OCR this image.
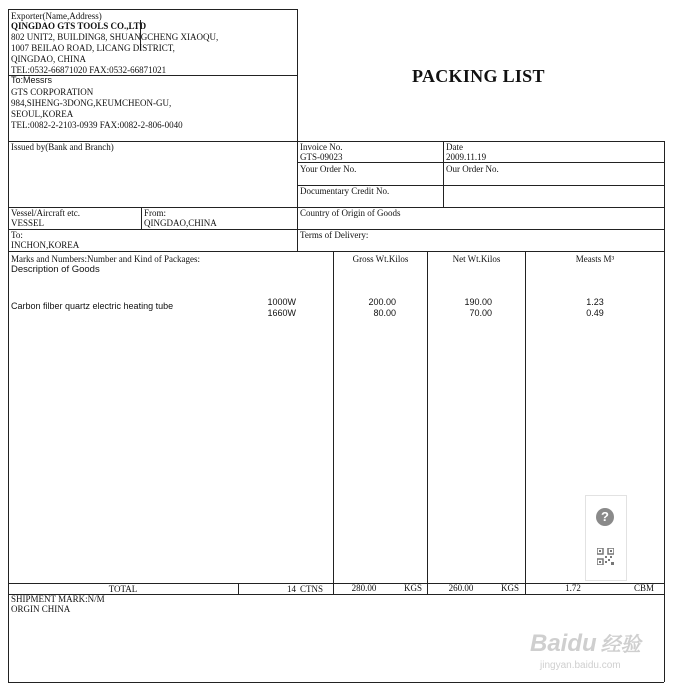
PACKING LIST
Exporter(Name,Address)
QINGDAO GTS TOOLS CO.,LTD
802 UNIT2, BUILDING8, SHUANGCHENG XIAOQU,
1007 BEILAO ROAD, LICANG DISTRICT,
QINGDAO, CHINA
TEL:0532-66871020 FAX:0532-66871021
To:Messrs
GTS CORPORATION
984,SIHENG-3DONG,KEUMCHEON-GU,
SEOUL,KOREA
TEL:0082-2-2103-0939 FAX:0082-2-806-0040
Issued by(Bank and Branch)	Invoice No.
GTS-09023
Date
2009.11.19
Your Order No.	Our Order No.
Documentary Credit No.
Vessel/Aircraft etc.
VESSEL
From:
QINGDAO,CHINA
Country of Origin of Goods
To:
INCHON,KOREA
Terms of Delivery:
Marks and Numbers:Number and Kind of Packages:
Description of Goods
Gross Wt.Kilos	Net Wt.Kilos	Measts M³
Carbon filber quartz electric heating tube	1000W	200.00	190.00	1.23
1660W	80.00	70.00	0.49
TOTAL	14 CTNS	280.00	KGS	260.00	KGS	1.72	CBM
SHIPMENT MARK:N/M
ORGIN CHINA
?
Baidu 经验
jingyan.baidu.com
